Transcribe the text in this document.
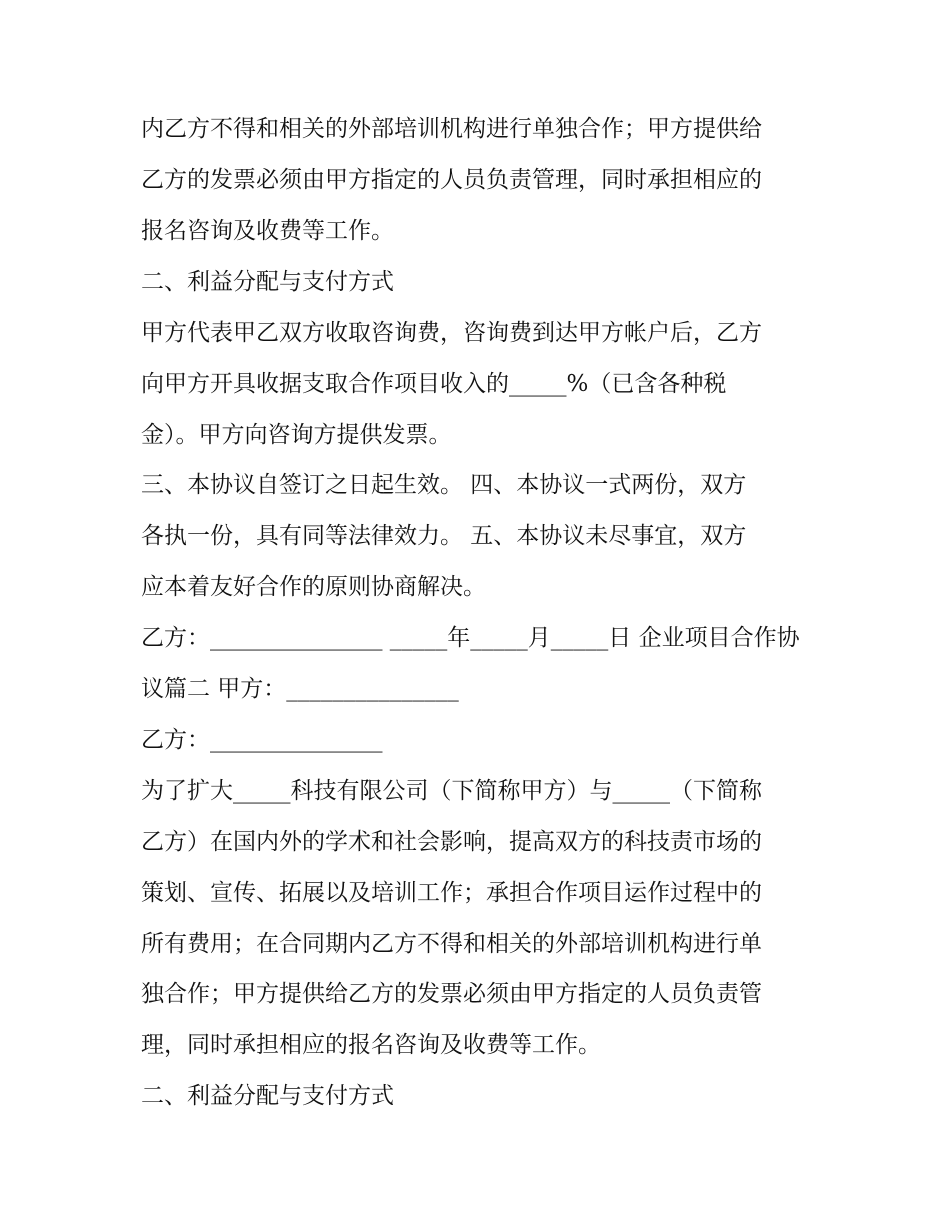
内乙方不得和相关的外部培训机构进行单独合作；甲方提供给
乙方的发票必须由甲方指定的人员负责管理，同时承担相应的
报名咨询及收费等工作。
二、利益分配与支付方式
甲方代表甲乙双方收取咨询费，咨询费到达甲方帐户后，乙方
向甲方开具收据支取合作项目收入的_____%（已含各种税
金）。甲方向咨询方提供发票。
三、本协议自签订之日起生效。 四、本协议一式两份，双方
各执一份，具有同等法律效力。 五、本协议未尽事宜，双方
应本着友好合作的原则协商解决。
乙方：_______________ _____年_____月_____日 企业项目合作协
议篇二 甲方：_______________
乙方：_______________
为了扩大_____科技有限公司（下简称甲方）与_____（下简称
乙方）在国内外的学术和社会影响，提高双方的科技责市场的
策划、宣传、拓展以及培训工作；承担合作项目运作过程中的
所有费用；在合同期内乙方不得和相关的外部培训机构进行单
独合作；甲方提供给乙方的发票必须由甲方指定的人员负责管
理，同时承担相应的报名咨询及收费等工作。
二、利益分配与支付方式
